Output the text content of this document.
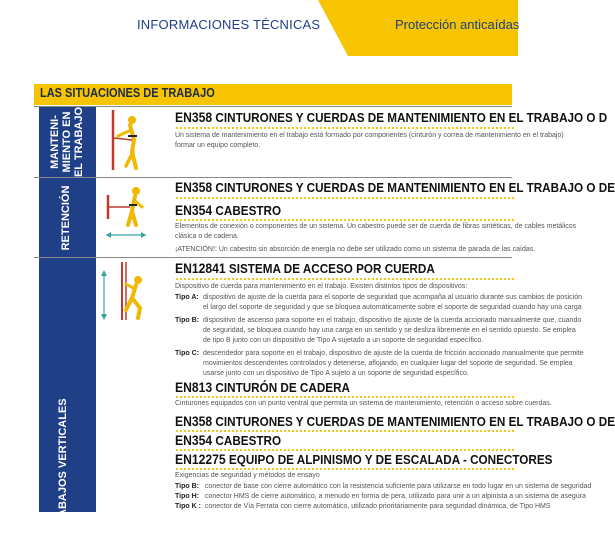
INFORMACIONES TÉCNICAS	Protección anticaídas
LAS SITUACIONES DE TRABAJO
MANTENI-
MIENTO EN
EL TRABAJO
RETENCIÓN
TRABAJOS VERTICALES
EN358 CINTURONES Y CUERDAS DE MANTENIMIENTO EN EL TRABAJO O D
Un sistema de mantenimiento en el trabajo está formado por componentes (cinturón y correa de mantenimiento en el trabajo)
formar un equipo completo.
EN358 CINTURONES Y CUERDAS DE MANTENIMIENTO EN EL TRABAJO O DE
EN354 CABESTRO
Elementos de conexión o componentes de un sistema. Un cabestro puede ser de cuerda de fibras sintéticas, de cables metálicos
clásica o de cadena.
¡ATENCIÓN!: Un cabestro sin absorción de energía no debe ser utilizado como un sistema de parada de las caídas.
EN12841 SISTEMA DE ACCESO POR CUERDA
Dispositivo de cuerda para mantenimiento en el trabajo. Existen distintos tipos de dispositivos:
Tipo A: dispositivo de ajuste de la cuerda para el soporte de seguridad que acompaña al usuario durante sus cambios de posición
el largo del soporte de seguridad y que se bloquea automáticamente sobre el soporte de seguridad cuando hay una carga
Tipo B: dispositivo de ascenso para soporte en el trabajo, dispositivo de ajuste de la cuerda accionado manualmente que, cuando
de seguridad, se bloquea cuando hay una carga en un sentido y se desliza libremente en el sentido opuesto. Se emplea
de tipo B junto con un dispositivo de Tipo A sujetado a un soporte de seguridad específico.
Tipo C: descendedor para soporte en el trabajo, dispositivo de ajuste de la cuerda de fricción accionado manualmente que permite
movimientos descendentes controlados y detenerse, aflojando, en cualquier lugar del soporte de seguridad. Se emplea
usarse junto con un dispositivo de Tipo A sujeto a un soporte de seguridad específico.
EN813 CINTURÓN DE CADERA
Cinturones equipados con un punto ventral que permita un sistema de mantenimiento, retención o acceso sobre cuerdas.
EN358 CINTURONES Y CUERDAS DE MANTENIMIENTO EN EL TRABAJO O DE
EN354 CABESTRO
EN12275 EQUIPO DE ALPINISMO Y DE ESCALADA - CONECTORES
Exigencias de seguridad y métodos de ensayo
Tipo B: conector de base con cierre automático con la resistencia suficiente para utilizarse en todo lugar en un sistema de seguridad
Tipo H: conector HMS de cierre automático, a menudo en forma de pera, utilizado para unir a un alpinista a un sistema de asegura
Tipo K : conector de Vía Ferrata con cierre automático, utilizado prioritariamente para seguridad dinámica, de Tipo HMS
